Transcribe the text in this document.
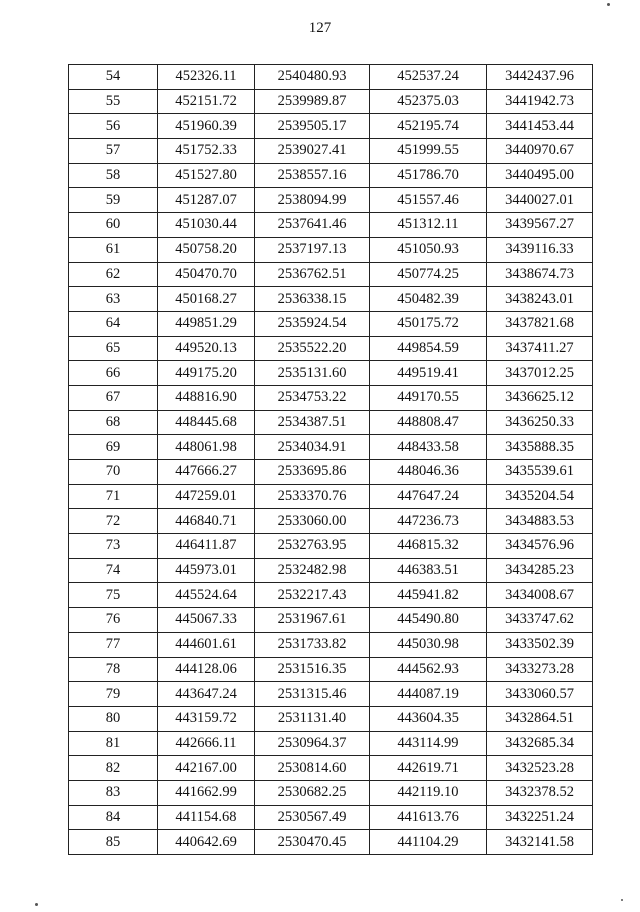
127
54	452326.11	2540480.93	452537.24	3442437.96
55	452151.72	2539989.87	452375.03	3441942.73
56	451960.39	2539505.17	452195.74	3441453.44
57	451752.33	2539027.41	451999.55	3440970.67
58	451527.80	2538557.16	451786.70	3440495.00
59	451287.07	2538094.99	451557.46	3440027.01
60	451030.44	2537641.46	451312.11	3439567.27
61	450758.20	2537197.13	451050.93	3439116.33
62	450470.70	2536762.51	450774.25	3438674.73
63	450168.27	2536338.15	450482.39	3438243.01
64	449851.29	2535924.54	450175.72	3437821.68
65	449520.13	2535522.20	449854.59	3437411.27
66	449175.20	2535131.60	449519.41	3437012.25
67	448816.90	2534753.22	449170.55	3436625.12
68	448445.68	2534387.51	448808.47	3436250.33
69	448061.98	2534034.91	448433.58	3435888.35
70	447666.27	2533695.86	448046.36	3435539.61
71	447259.01	2533370.76	447647.24	3435204.54
72	446840.71	2533060.00	447236.73	3434883.53
73	446411.87	2532763.95	446815.32	3434576.96
74	445973.01	2532482.98	446383.51	3434285.23
75	445524.64	2532217.43	445941.82	3434008.67
76	445067.33	2531967.61	445490.80	3433747.62
77	444601.61	2531733.82	445030.98	3433502.39
78	444128.06	2531516.35	444562.93	3433273.28
79	443647.24	2531315.46	444087.19	3433060.57
80	443159.72	2531131.40	443604.35	3432864.51
81	442666.11	2530964.37	443114.99	3432685.34
82	442167.00	2530814.60	442619.71	3432523.28
83	441662.99	2530682.25	442119.10	3432378.52
84	441154.68	2530567.49	441613.76	3432251.24
85	440642.69	2530470.45	441104.29	3432141.58
